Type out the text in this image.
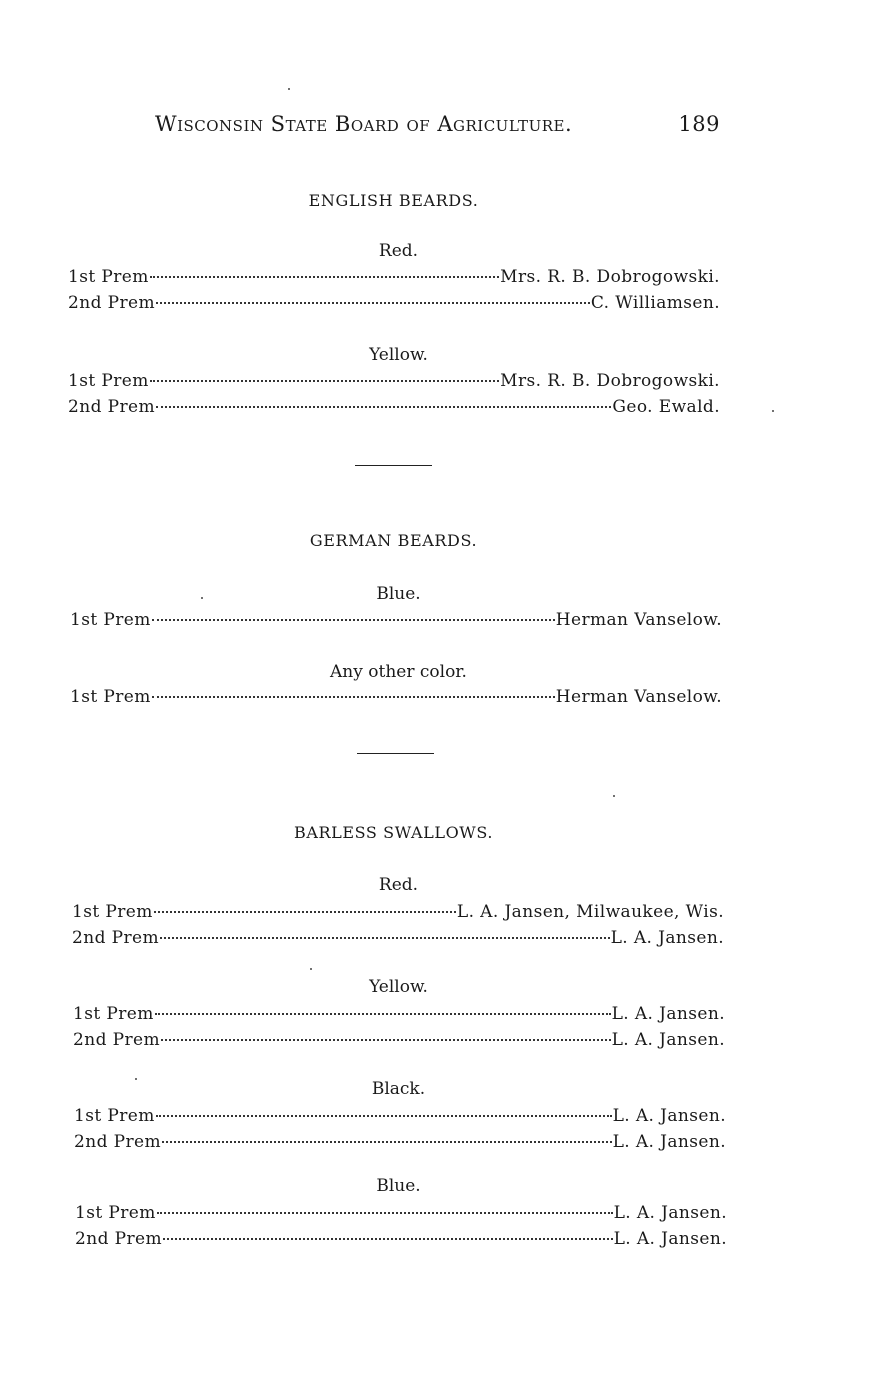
Wisconsin State Board of Agriculture.	189
ENGLISH BEARDS.
Red.
1st Prem	Mrs. R. B. Dobrogowski.
2nd Prem	C. Williamsen.
Yellow.
1st Prem	Mrs. R. B. Dobrogowski.
2nd Prem	Geo. Ewald.
GERMAN BEARDS.
Blue.
1st Prem	Herman Vanselow.
Any other color.
1st Prem	Herman Vanselow.
BARLESS SWALLOWS.
Red.
1st Prem	L. A. Jansen, Milwaukee, Wis.
2nd Prem	L. A. Jansen.
Yellow.
1st Prem	L. A. Jansen.
2nd Prem	L. A. Jansen.
Black.
1st Prem	L. A. Jansen.
2nd Prem	L. A. Jansen.
Blue.
1st Prem	L. A. Jansen.
2nd Prem	L. A. Jansen.
